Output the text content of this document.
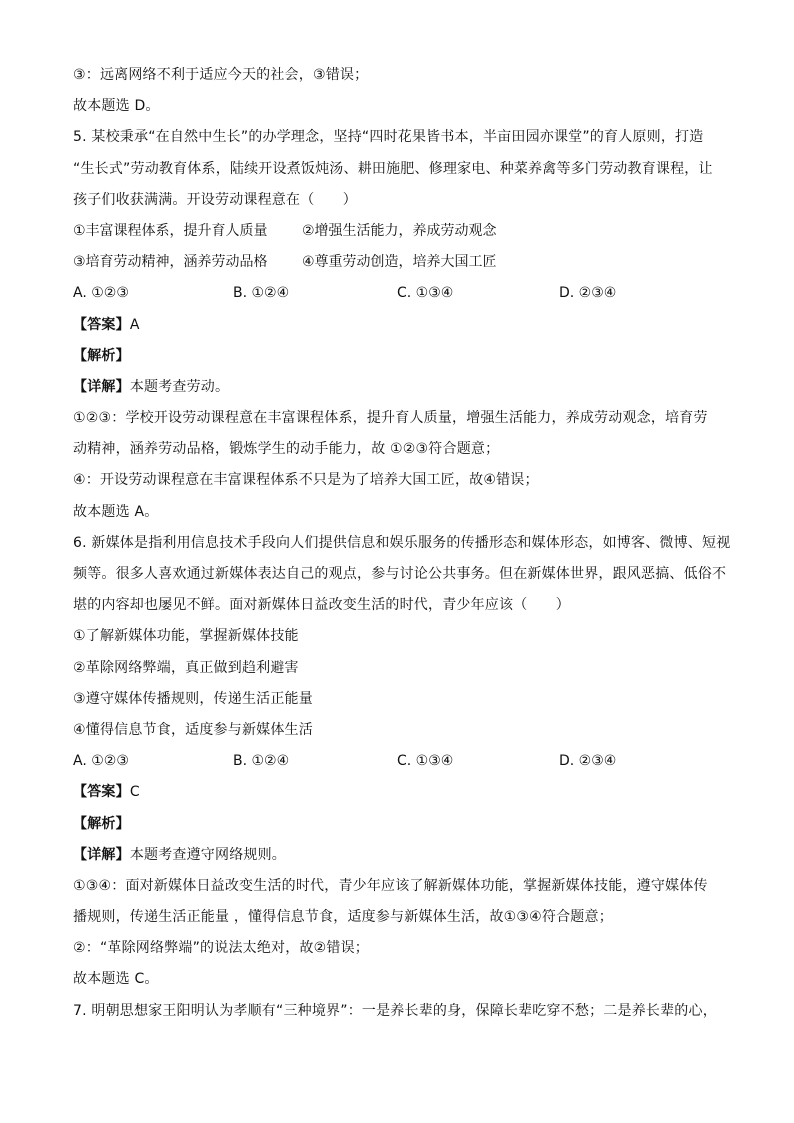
③：远离网络不利于适应今天的社会，③错误；
故本题选 D。
5. 某校秉承“在自然中生长”的办学理念，坚持“四时花果皆书本，半亩田园亦课堂”的育人原则，打造
“生长式”劳动教育体系，陆续开设煮饭炖汤、耕田施肥、修理家电、种菜养禽等多门劳动教育课程，让
孩子们收获满满。开设劳动课程意在（　　）
①丰富课程体系，提升育人质量 ②增强生活能力，养成劳动观念
③培育劳动精神，涵养劳动品格 ④尊重劳动创造，培养大国工匠
A. ①②③	B. ①②④	C. ①③④	D. ②③④
【答案】A
【解析】
【详解】本题考查劳动。
①②③：学校开设劳动课程意在丰富课程体系，提升育人质量，增强生活能力，养成劳动观念，培育劳
动精神，涵养劳动品格，锻炼学生的动手能力，故 ①②③符合题意；
④：开设劳动课程意在丰富课程体系不只是为了培养大国工匠，故④错误；
故本题选 A。
6. 新媒体是指利用信息技术手段向人们提供信息和娱乐服务的传播形态和媒体形态，如博客、微博、短视
频等。很多人喜欢通过新媒体表达自己的观点，参与讨论公共事务。但在新媒体世界，跟风恶搞、低俗不
堪的内容却也屡见不鲜。面对新媒体日益改变生活的时代，青少年应该（　　）
①了解新媒体功能，掌握新媒体技能
②革除网络弊端，真正做到趋利避害
③遵守媒体传播规则，传递生活正能量
④懂得信息节食，适度参与新媒体生活
A. ①②③	B. ①②④	C. ①③④	D. ②③④
【答案】C
【解析】
【详解】本题考查遵守网络规则。
①③④：面对新媒体日益改变生活的时代，青少年应该了解新媒体功能，掌握新媒体技能，遵守媒体传
播规则，传递生活正能量 ，懂得信息节食，适度参与新媒体生活，故①③④符合题意；
②：“革除网络弊端”的说法太绝对，故②错误；
故本题选 C。
7. 明朝思想家王阳明认为孝顺有“三种境界”：一是养长辈的身，保障长辈吃穿不愁；二是养长辈的心，
